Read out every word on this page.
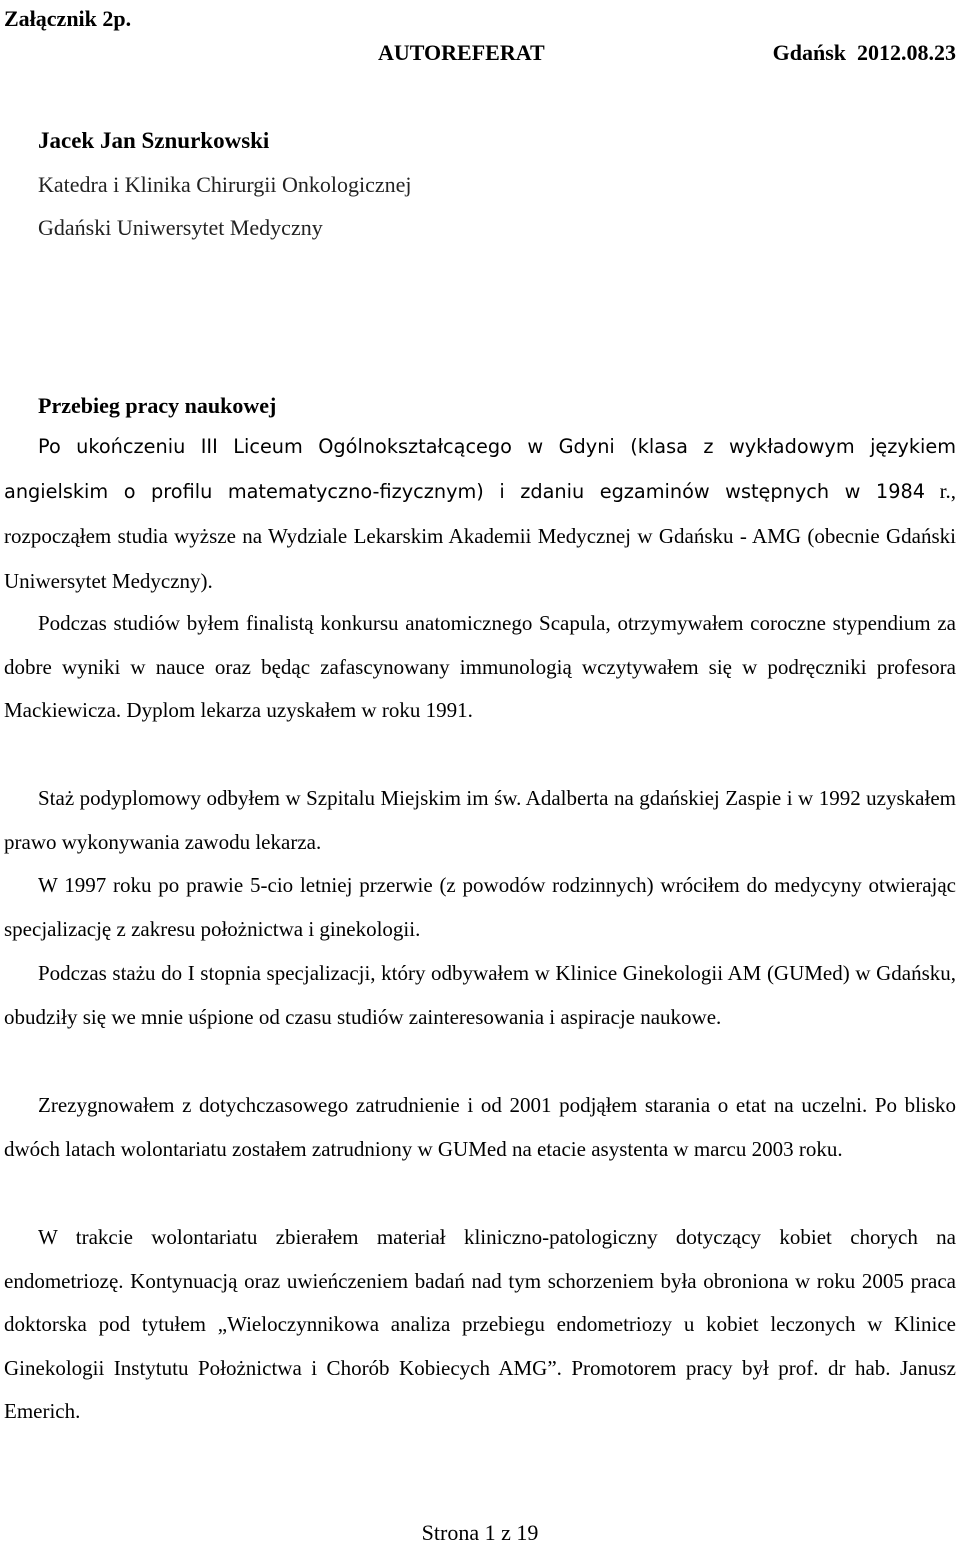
Załącznik 2p.
AUTOREFERAT	Gdańsk  2012.08.23
Jacek Jan Sznurkowski
Katedra i Klinika Chirurgii Onkologicznej
Gdański Uniwersytet Medyczny
Przebieg pracy naukowej
Po ukończeniu III Liceum Ogólnokształcącego w Gdyni (klasa z wykładowym językiem angielskim o profilu matematyczno-fizycznym) i zdaniu egzaminów wstępnych w 1984 r., rozpocząłem studia wyższe na Wydziale Lekarskim Akademii Medycznej w Gdańsku - AMG (obecnie Gdański Uniwersytet Medyczny).
Podczas studiów byłem finalistą konkursu anatomicznego Scapula, otrzymywałem coroczne stypendium za dobre wyniki w nauce oraz będąc zafascynowany immunologią wczytywałem się w podręczniki profesora Mackiewicza. Dyplom lekarza uzyskałem w roku 1991.
Staż podyplomowy odbyłem w Szpitalu Miejskim im św. Adalberta na gdańskiej Zaspie i w 1992 uzyskałem prawo wykonywania zawodu lekarza.
W 1997 roku po prawie 5-cio letniej przerwie (z powodów rodzinnych) wróciłem do medycyny otwierając specjalizację z zakresu położnictwa i ginekologii.
Podczas stażu do I stopnia specjalizacji, który odbywałem w Klinice Ginekologii AM (GUMed) w Gdańsku, obudziły się we mnie uśpione od czasu studiów zainteresowania i aspiracje naukowe.
Zrezygnowałem z dotychczasowego zatrudnienie i od 2001 podjąłem starania o etat na uczelni. Po blisko dwóch latach wolontariatu zostałem zatrudniony w GUMed na etacie asystenta w marcu 2003 roku.
W trakcie wolontariatu zbierałem materiał kliniczno-patologiczny dotyczący kobiet chorych na endometriozę. Kontynuacją oraz uwieńczeniem badań nad tym schorzeniem była obroniona w roku 2005 praca doktorska pod tytułem „Wieloczynnikowa analiza przebiegu endometriozy u kobiet leczonych w Klinice Ginekologii Instytutu Położnictwa i Chorób Kobiecych AMG”. Promotorem pracy był prof. dr hab. Janusz Emerich.
Strona 1 z 19
